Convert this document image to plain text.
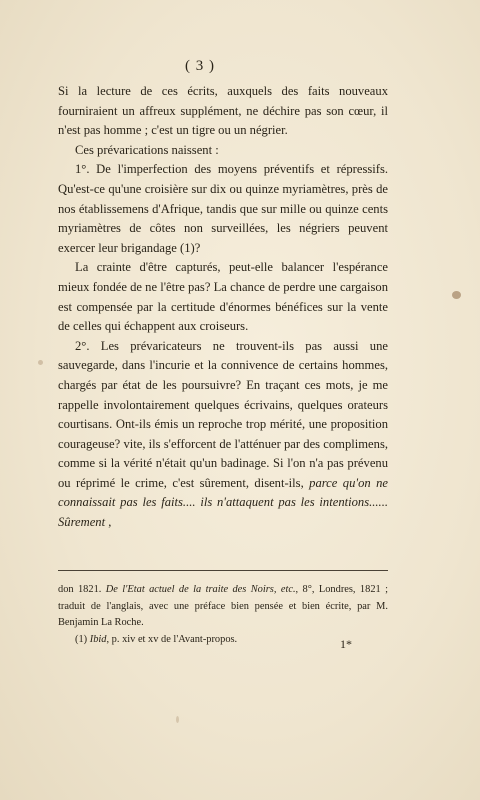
( 3 )

Si la lecture de ces écrits, auxquels des faits nouveaux fourniraient un affreux supplément, ne déchire pas son cœur, il n'est pas homme ; c'est un tigre ou un négrier.

Ces prévarications naissent :

1°. De l'imperfection des moyens préventifs et répressifs. Qu'est-ce qu'une croisière sur dix ou quinze myriamètres, près de nos établissemens d'Afrique, tandis que sur mille ou quinze cents myriamètres de côtes non surveillées, les négriers peuvent exercer leur brigandage (1)?

La crainte d'être capturés, peut-elle balancer l'espérance mieux fondée de ne l'être pas? La chance de perdre une cargaison est compensée par la certitude d'énormes bénéfices sur la vente de celles qui échappent aux croiseurs.

2°. Les prévaricateurs ne trouvent-ils pas aussi une sauvegarde, dans l'incurie et la connivence de certains hommes, chargés par état de les poursuivre? En traçant ces mots, je me rappelle involontairement quelques écrivains, quelques orateurs courtisans. Ont-ils émis un reproche trop mérité, une proposition courageuse? vite, ils s'efforcent de l'atténuer par des complimens, comme si la vérité n'était qu'un badinage. Si l'on n'a pas prévenu ou réprimé le crime, c'est sûrement, disent-ils, parce qu'on ne connaissait pas les faits.... ils n'attaquent pas les intentions...... Sûrement ,

don 1821. De l'Etat actuel de la traite des Noirs, etc., 8°, Londres, 1821 ; traduit de l'anglais, avec une préface bien pensée et bien écrite, par M. Benjamin La Roche.

(1) Ibid, p. xiv et xv de l'Avant-propos.	1*
